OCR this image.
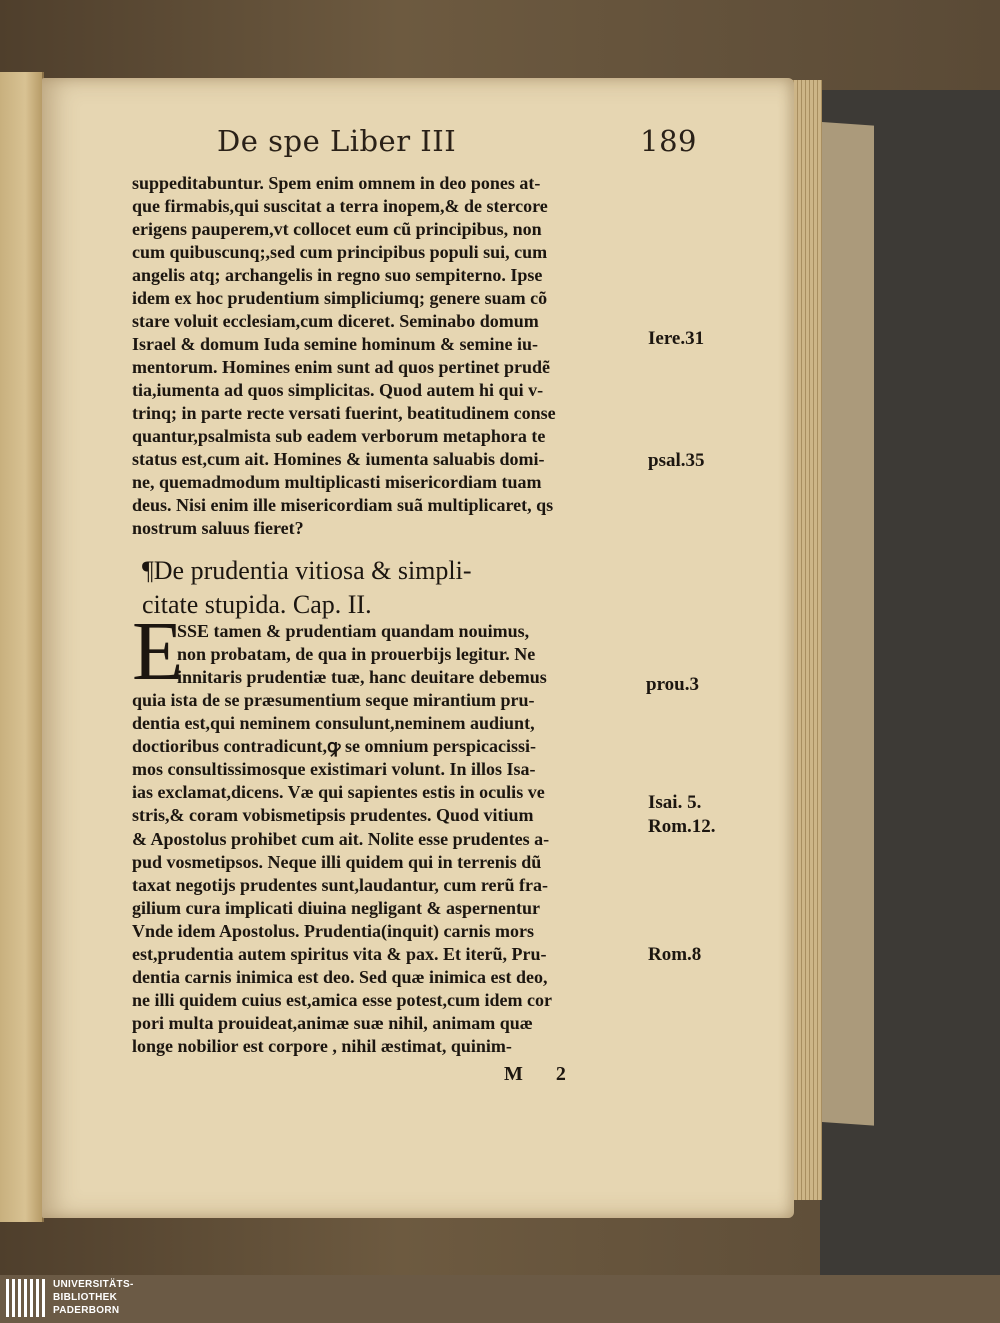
De spe Liber III	189
suppeditabuntur. Spem enim omnem in deo pones at-
que firmabis,qui suscitat a terra inopem,& de stercore
erigens pauperem,vt collocet eum cũ principibus, non
cum quibuscunq;,sed cum principibus populi sui, cum
angelis atq; archangelis in regno suo sempiterno. Ipse
idem ex hoc prudentium simpliciumq; genere suam cõ
stare voluit ecclesiam,cum diceret. Seminabo domum
Israel & domum Iuda semine hominum & semine iu-
mentorum. Homines enim sunt ad quos pertinet prudẽ
tia,iumenta ad quos simplicitas. Quod autem hi qui v-
trinq; in parte recte versati fuerint, beatitudinem conse
quantur,psalmista sub eadem verborum metaphora te
status est,cum ait. Homines & iumenta saluabis domi-
ne, quemadmodum multiplicasti misericordiam tuam
deus. Nisi enim ille misericordiam suã multiplicaret, qs
nostrum saluus fieret?
¶De prudentia vitiosa & simpli-
citate stupida. Cap. II.
E
SSE tamen & prudentiam quandam nouimus,
non probatam, de qua in prouerbijs legitur. Ne
innitaris prudentiæ tuæ, hanc deuitare debemus
quia ista de se præsumentium seque mirantium pru-
dentia est,qui neminem consulunt,neminem audiunt,
doctioribus contradicunt,ꝙ se omnium perspicacissi-
mos consultissimosque existimari volunt. In illos Isa-
ias exclamat,dicens. Væ qui sapientes estis in oculis ve
stris,& coram vobismetipsis prudentes. Quod vitium
& Apostolus prohibet cum ait. Nolite esse prudentes a-
pud vosmetipsos. Neque illi quidem qui in terrenis dũ
taxat negotijs prudentes sunt,laudantur, cum rerũ fra-
gilium cura implicati diuina negligant & aspernentur
Vnde idem Apostolus. Prudentia(inquit) carnis mors
est,prudentia autem spiritus vita & pax. Et iterũ, Pru-
dentia carnis inimica est deo. Sed quæ inimica est deo,
ne illi quidem cuius est,amica esse potest,cum idem cor
pori multa prouideat,animæ suæ nihil, animam quæ
longe nobilior est corpore , nihil æstimat, quinim-
M 2
Iere.31
psal.35
prou.3
Isai. 5.
Rom.12.
Rom.8
UNIVERSITÄTS-
BIBLIOTHEK
PADERBORN
